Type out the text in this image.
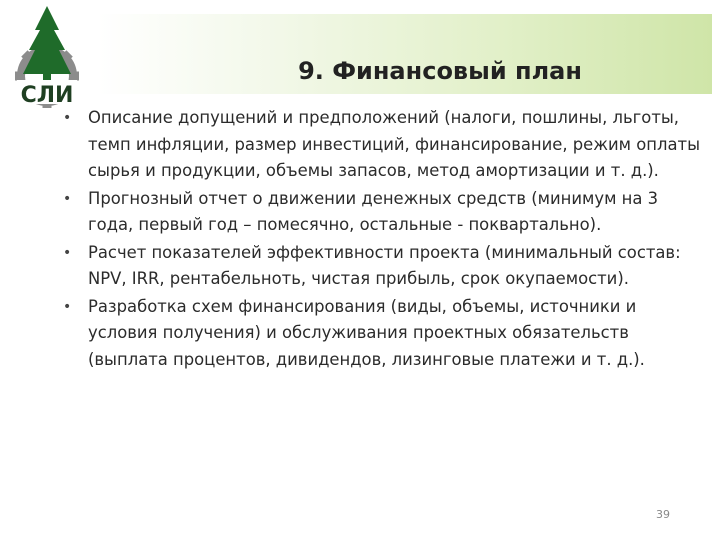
9. Финансовый план
СЛИ
• Описание допущений и предположений (налоги, пошлины, льготы, темп инфляции, размер инвестиций, финансирование, режим оплаты сырья и продукции, объемы запасов, метод амортизации и т. д.).
• Прогнозный отчет о движении денежных средств (минимум на 3 года, первый год – помесячно, остальные - поквартально).
• Расчет показателей эффективности проекта (минимальный состав: NPV, IRR, рентабельноть, чистая прибыль, срок окупаемости).
• Разработка схем финансирования (виды, объемы, источники и условия получения) и обслуживания проектных обязательств (выплата процентов, дивидендов, лизинговые платежи и т. д.).
39
